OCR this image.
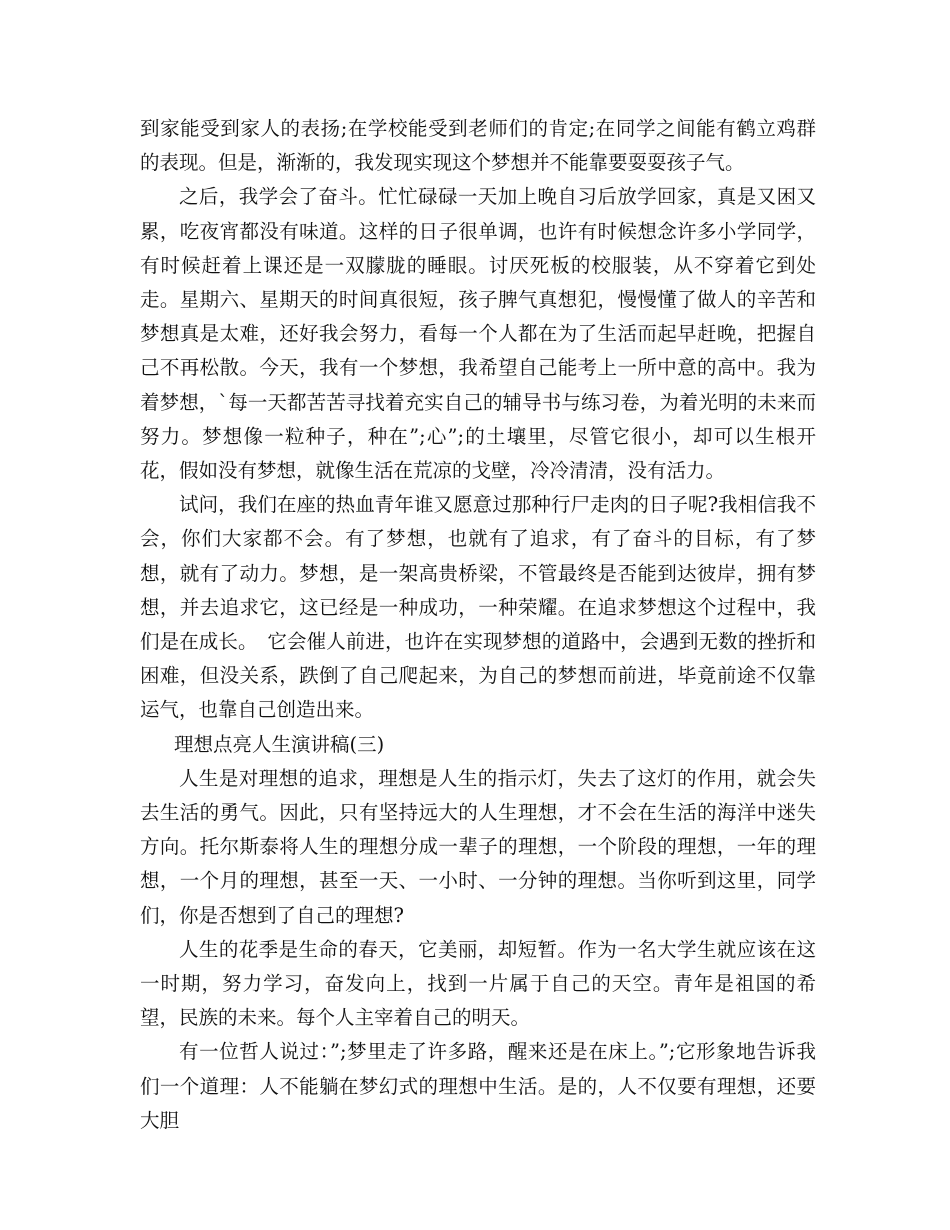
到家能受到家人的表扬;在学校能受到老师们的肯定;在同学之间能有鹤立鸡群的表现。但是，渐渐的，我发现实现这个梦想并不能靠要耍耍孩子气。

之后，我学会了奋斗。忙忙碌碌一天加上晚自习后放学回家，真是又困又累，吃夜宵都没有味道。这样的日子很单调，也许有时候想念许多小学同学，有时候赶着上课还是一双朦胧的睡眼。讨厌死板的校服装，从不穿着它到处走。星期六、星期天的时间真很短，孩子脾气真想犯，慢慢懂了做人的辛苦和梦想真是太难，还好我会努力，看每一个人都在为了生活而起早赶晚，把握自己不再松散。今天，我有一个梦想，我希望自己能考上一所中意的高中。我为着梦想，`每一天都苦苦寻找着充实自己的辅导书与练习卷，为着光明的未来而努力。梦想像一粒种子，种在”;心”;的土壤里，尽管它很小，却可以生根开花，假如没有梦想，就像生活在荒凉的戈壁，冷冷清清，没有活力。

试问，我们在座的热血青年谁又愿意过那种行尸走肉的日子呢?我相信我不会，你们大家都不会。有了梦想，也就有了追求，有了奋斗的目标，有了梦想，就有了动力。梦想，是一架高贵桥梁，不管最终是否能到达彼岸，拥有梦想，并去追求它，这已经是一种成功，一种荣耀。在追求梦想这个过程中，我们是在成长。　它会催人前进，也许在实现梦想的道路中，会遇到无数的挫折和困难，但没关系，跌倒了自己爬起来，为自己的梦想而前进，毕竟前途不仅靠运气，也靠自己创造出来。

理想点亮人生演讲稿(三)

人生是对理想的追求，理想是人生的指示灯，失去了这灯的作用，就会失去生活的勇气。因此，只有坚持远大的人生理想，才不会在生活的海洋中迷失方向。托尔斯泰将人生的理想分成一辈子的理想，一个阶段的理想，一年的理想，一个月的理想，甚至一天、一小时、一分钟的理想。当你听到这里，同学们，你是否想到了自己的理想?

人生的花季是生命的春天，它美丽，却短暂。作为一名大学生就应该在这一时期，努力学习，奋发向上，找到一片属于自己的天空。青年是祖国的希望，民族的未来。每个人主宰着自己的明天。

有一位哲人说过：”;梦里走了许多路，醒来还是在床上。”;它形象地告诉我们一个道理：人不能躺在梦幻式的理想中生活。是的，人不仅要有理想，还要大胆
